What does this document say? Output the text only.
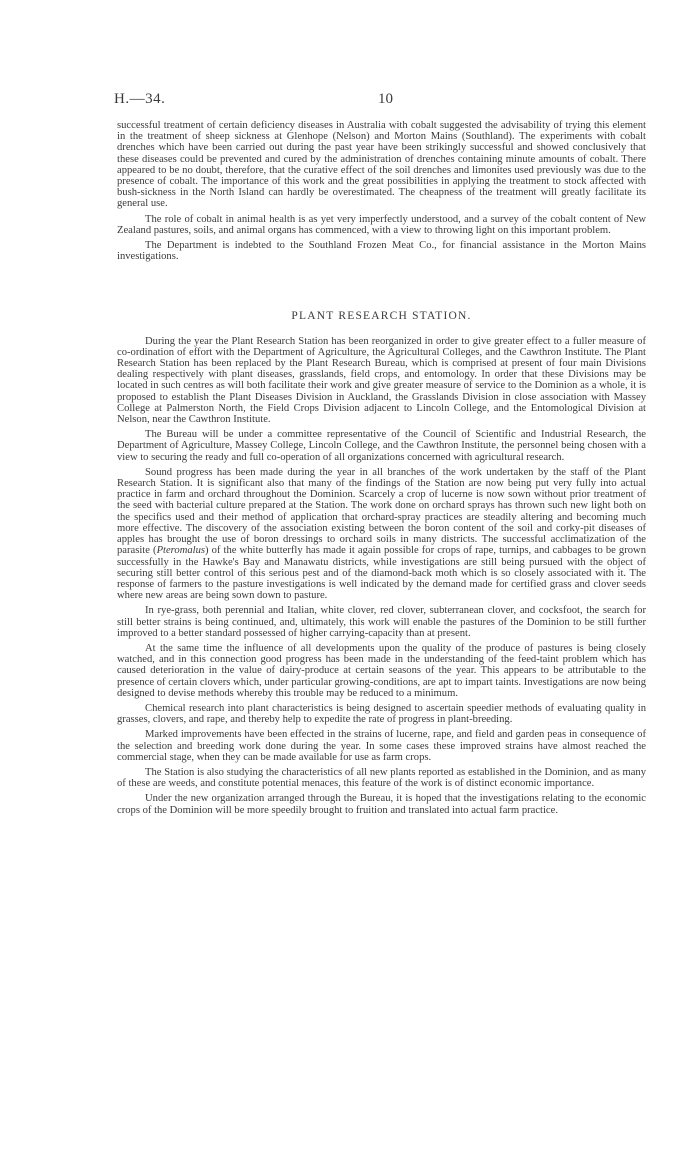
H.—34.	10

successful treatment of certain deficiency diseases in Australia with cobalt suggested the advisability of trying this element in the treatment of sheep sickness at Glenhope (Nelson) and Morton Mains (Southland). The experiments with cobalt drenches which have been carried out during the past year have been strikingly successful and showed conclusively that these diseases could be prevented and cured by the administration of drenches containing minute amounts of cobalt. There appeared to be no doubt, therefore, that the curative effect of the soil drenches and limonites used previously was due to the presence of cobalt. The importance of this work and the great possibilities in applying the treatment to stock affected with bush-sickness in the North Island can hardly be overestimated. The cheapness of the treatment will greatly facilitate its general use.

The role of cobalt in animal health is as yet very imperfectly understood, and a survey of the cobalt content of New Zealand pastures, soils, and animal organs has commenced, with a view to throwing light on this important problem.

The Department is indebted to the Southland Frozen Meat Co., for financial assistance in the Morton Mains investigations.

PLANT RESEARCH STATION.

During the year the Plant Research Station has been reorganized in order to give greater effect to a fuller measure of co-ordination of effort with the Department of Agriculture, the Agricultural Colleges, and the Cawthron Institute. The Plant Research Station has been replaced by the Plant Research Bureau, which is comprised at present of four main Divisions dealing respectively with plant diseases, grasslands, field crops, and entomology. In order that these Divisions may be located in such centres as will both facilitate their work and give greater measure of service to the Dominion as a whole, it is proposed to establish the Plant Diseases Division in Auckland, the Grasslands Division in close association with Massey College at Palmerston North, the Field Crops Division adjacent to Lincoln College, and the Entomological Division at Nelson, near the Cawthron Institute.

The Bureau will be under a committee representative of the Council of Scientific and Industrial Research, the Department of Agriculture, Massey College, Lincoln College, and the Cawthron Institute, the personnel being chosen with a view to securing the ready and full co-operation of all organizations concerned with agricultural research.

Sound progress has been made during the year in all branches of the work undertaken by the staff of the Plant Research Station. It is significant also that many of the findings of the Station are now being put very fully into actual practice in farm and orchard throughout the Dominion. Scarcely a crop of lucerne is now sown without prior treatment of the seed with bacterial culture prepared at the Station. The work done on orchard sprays has thrown such new light both on the specifics used and their method of application that orchard-spray practices are steadily altering and becoming much more effective. The discovery of the association existing between the boron content of the soil and corky-pit diseases of apples has brought the use of boron dressings to orchard soils in many districts. The successful acclimatization of the parasite (Pteromalus) of the white butterfly has made it again possible for crops of rape, turnips, and cabbages to be grown successfully in the Hawke's Bay and Manawatu districts, while investigations are still being pursued with the object of securing still better control of this serious pest and of the diamond-back moth which is so closely associated with it. The response of farmers to the pasture investigations is well indicated by the demand made for certified grass and clover seeds where new areas are being sown down to pasture.

In rye-grass, both perennial and Italian, white clover, red clover, subterranean clover, and cocksfoot, the search for still better strains is being continued, and, ultimately, this work will enable the pastures of the Dominion to be still further improved to a better standard possessed of higher carrying-capacity than at present.

At the same time the influence of all developments upon the quality of the produce of pastures is being closely watched, and in this connection good progress has been made in the understanding of the feed-taint problem which has caused deterioration in the value of dairy-produce at certain seasons of the year. This appears to be attributable to the presence of certain clovers which, under particular growing-conditions, are apt to impart taints. Investigations are now being designed to devise methods whereby this trouble may be reduced to a minimum.

Chemical research into plant characteristics is being designed to ascertain speedier methods of evaluating quality in grasses, clovers, and rape, and thereby help to expedite the rate of progress in plant-breeding.

Marked improvements have been effected in the strains of lucerne, rape, and field and garden peas in consequence of the selection and breeding work done during the year. In some cases these improved strains have almost reached the commercial stage, when they can be made available for use as farm crops.

The Station is also studying the characteristics of all new plants reported as established in the Dominion, and as many of these are weeds, and constitute potential menaces, this feature of the work is of distinct economic importance.

Under the new organization arranged through the Bureau, it is hoped that the investigations relating to the economic crops of the Dominion will be more speedily brought to fruition and translated into actual farm practice.
